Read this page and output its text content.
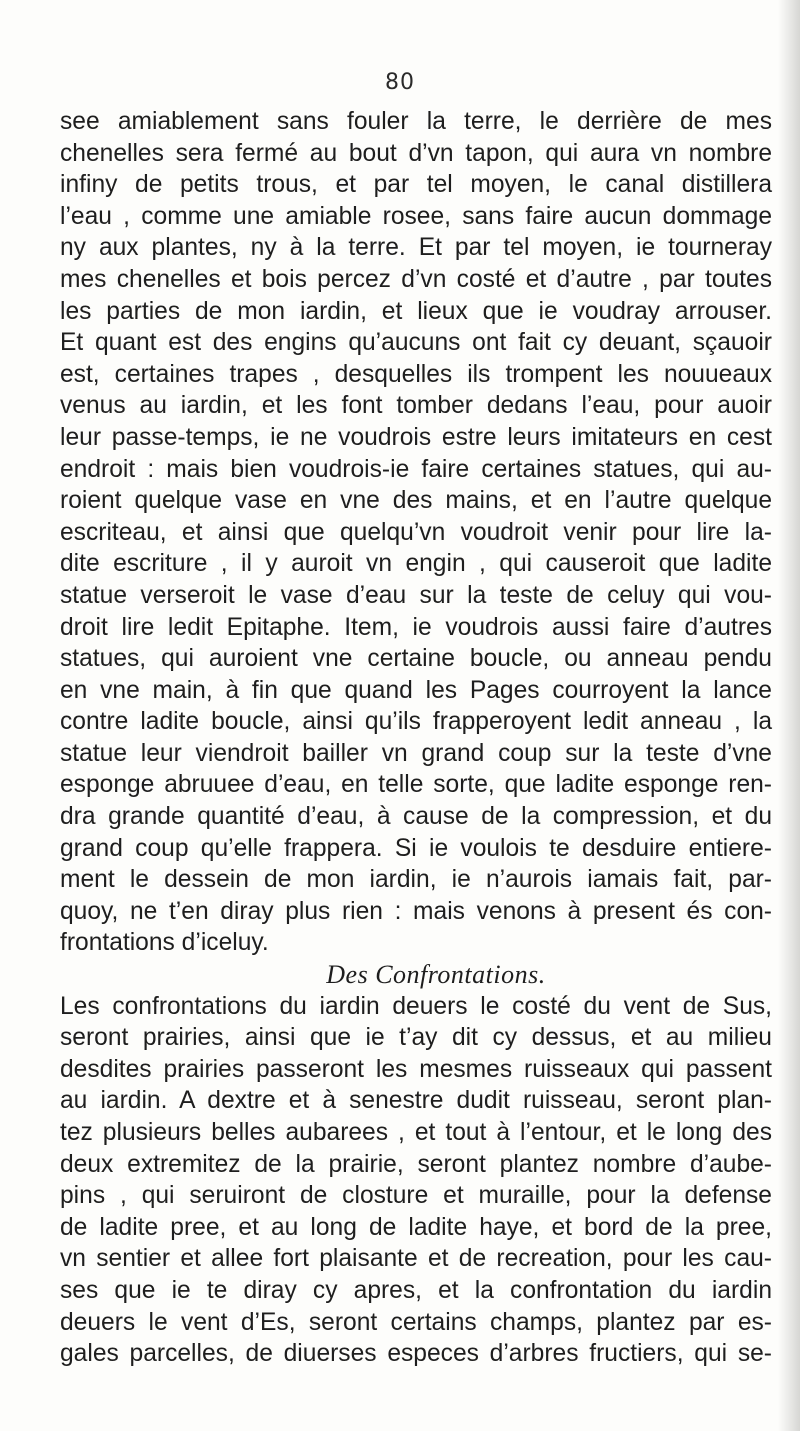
80
see amiablement sans fouler la terre, le derrière de mes
chenelles sera fermé au bout d’vn tapon, qui aura vn nombre
infiny de petits trous, et par tel moyen, le canal distillera
l’eau , comme une amiable rosee, sans faire aucun dommage
ny aux plantes, ny à la terre. Et par tel moyen, ie tourneray
mes chenelles et bois percez d’vn costé et d’autre , par toutes
les parties de mon iardin, et lieux que ie voudray arrouser.
Et quant est des engins qu’aucuns ont fait cy deuant, sçauoir
est, certaines trapes , desquelles ils trompent les nouueaux
venus au iardin, et les font tomber dedans l’eau, pour auoir
leur passe-temps, ie ne voudrois estre leurs imitateurs en cest
endroit : mais bien voudrois-ie faire certaines statues, qui au-
roient quelque vase en vne des mains, et en l’autre quelque
escriteau, et ainsi que quelqu’vn voudroit venir pour lire la-
dite escriture , il y auroit vn engin , qui causeroit que ladite
statue verseroit le vase d’eau sur la teste de celuy qui vou-
droit lire ledit Epitaphe. Item, ie voudrois aussi faire d’autres
statues, qui auroient vne certaine boucle, ou anneau pendu
en vne main, à fin que quand les Pages courroyent la lance
contre ladite boucle, ainsi qu’ils frapperoyent ledit anneau , la
statue leur viendroit bailler vn grand coup sur la teste d’vne
esponge abruuee d’eau, en telle sorte, que ladite esponge ren-
dra grande quantité d’eau, à cause de la compression, et du
grand coup qu’elle frappera. Si ie voulois te desduire entiere-
ment le dessein de mon iardin, ie n’aurois iamais fait, par-
quoy, ne t’en diray plus rien : mais venons à present és con-
frontations d’iceluy.
Des Confrontations.
Les confrontations du iardin deuers le costé du vent de Sus,
seront prairies, ainsi que ie t’ay dit cy dessus, et au milieu
desdites prairies passeront les mesmes ruisseaux qui passent
au iardin. A dextre et à senestre dudit ruisseau, seront plan-
tez plusieurs belles aubarees , et tout à l’entour, et le long des
deux extremitez de la prairie, seront plantez nombre d’aube-
pins , qui seruiront de closture et muraille, pour la defense
de ladite pree, et au long de ladite haye, et bord de la pree,
vn sentier et allee fort plaisante et de recreation, pour les cau-
ses que ie te diray cy apres, et la confrontation du iardin
deuers le vent d’Es, seront certains champs, plantez par es-
gales parcelles, de diuerses especes d’arbres fructiers, qui se-
